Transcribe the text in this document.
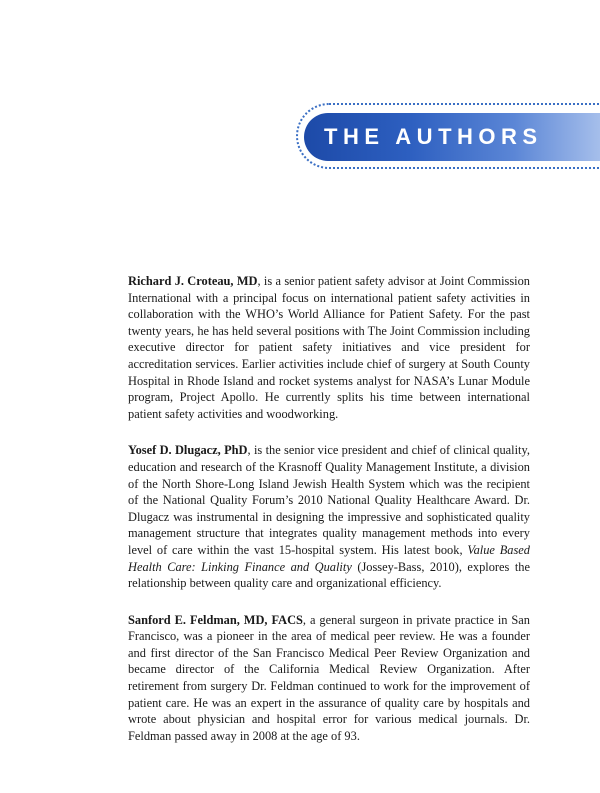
THE AUTHORS

Richard J. Croteau, MD, is a senior patient safety advisor at Joint Commission International with a principal focus on international patient safety activities in collaboration with the WHO’s World Alliance for Patient Safety. For the past twenty years, he has held several positions with The Joint Commission including executive director for patient safety initiatives and vice president for accreditation services. Earlier activities include chief of surgery at South County Hospital in Rhode Island and rocket systems analyst for NASA’s Lunar Module program, Project Apollo. He currently splits his time between international patient safety activities and woodworking.

Yosef D. Dlugacz, PhD, is the senior vice president and chief of clinical quality, education and research of the Krasnoff Quality Management Institute, a division of the North Shore-Long Island Jewish Health System which was the recipient of the National Quality Forum’s 2010 National Quality Healthcare Award. Dr. Dlugacz was instrumental in designing the impressive and sophisticated quality management structure that integrates quality management methods into every level of care within the vast 15-hospital system. His latest book, Value Based Health Care: Linking Finance and Quality (Jossey-Bass, 2010), explores the relationship between quality care and organizational efficiency.

Sanford E. Feldman, MD, FACS, a general surgeon in private practice in San Francisco, was a pioneer in the area of medical peer review. He was a founder and first director of the San Francisco Medical Peer Review Organization and became director of the California Medical Review Organization. After retirement from surgery Dr. Feldman continued to work for the improvement of patient care. He was an expert in the assurance of quality care by hospitals and wrote about physician and hospital error for various medical journals. Dr. Feldman passed away in 2008 at the age of 93.
